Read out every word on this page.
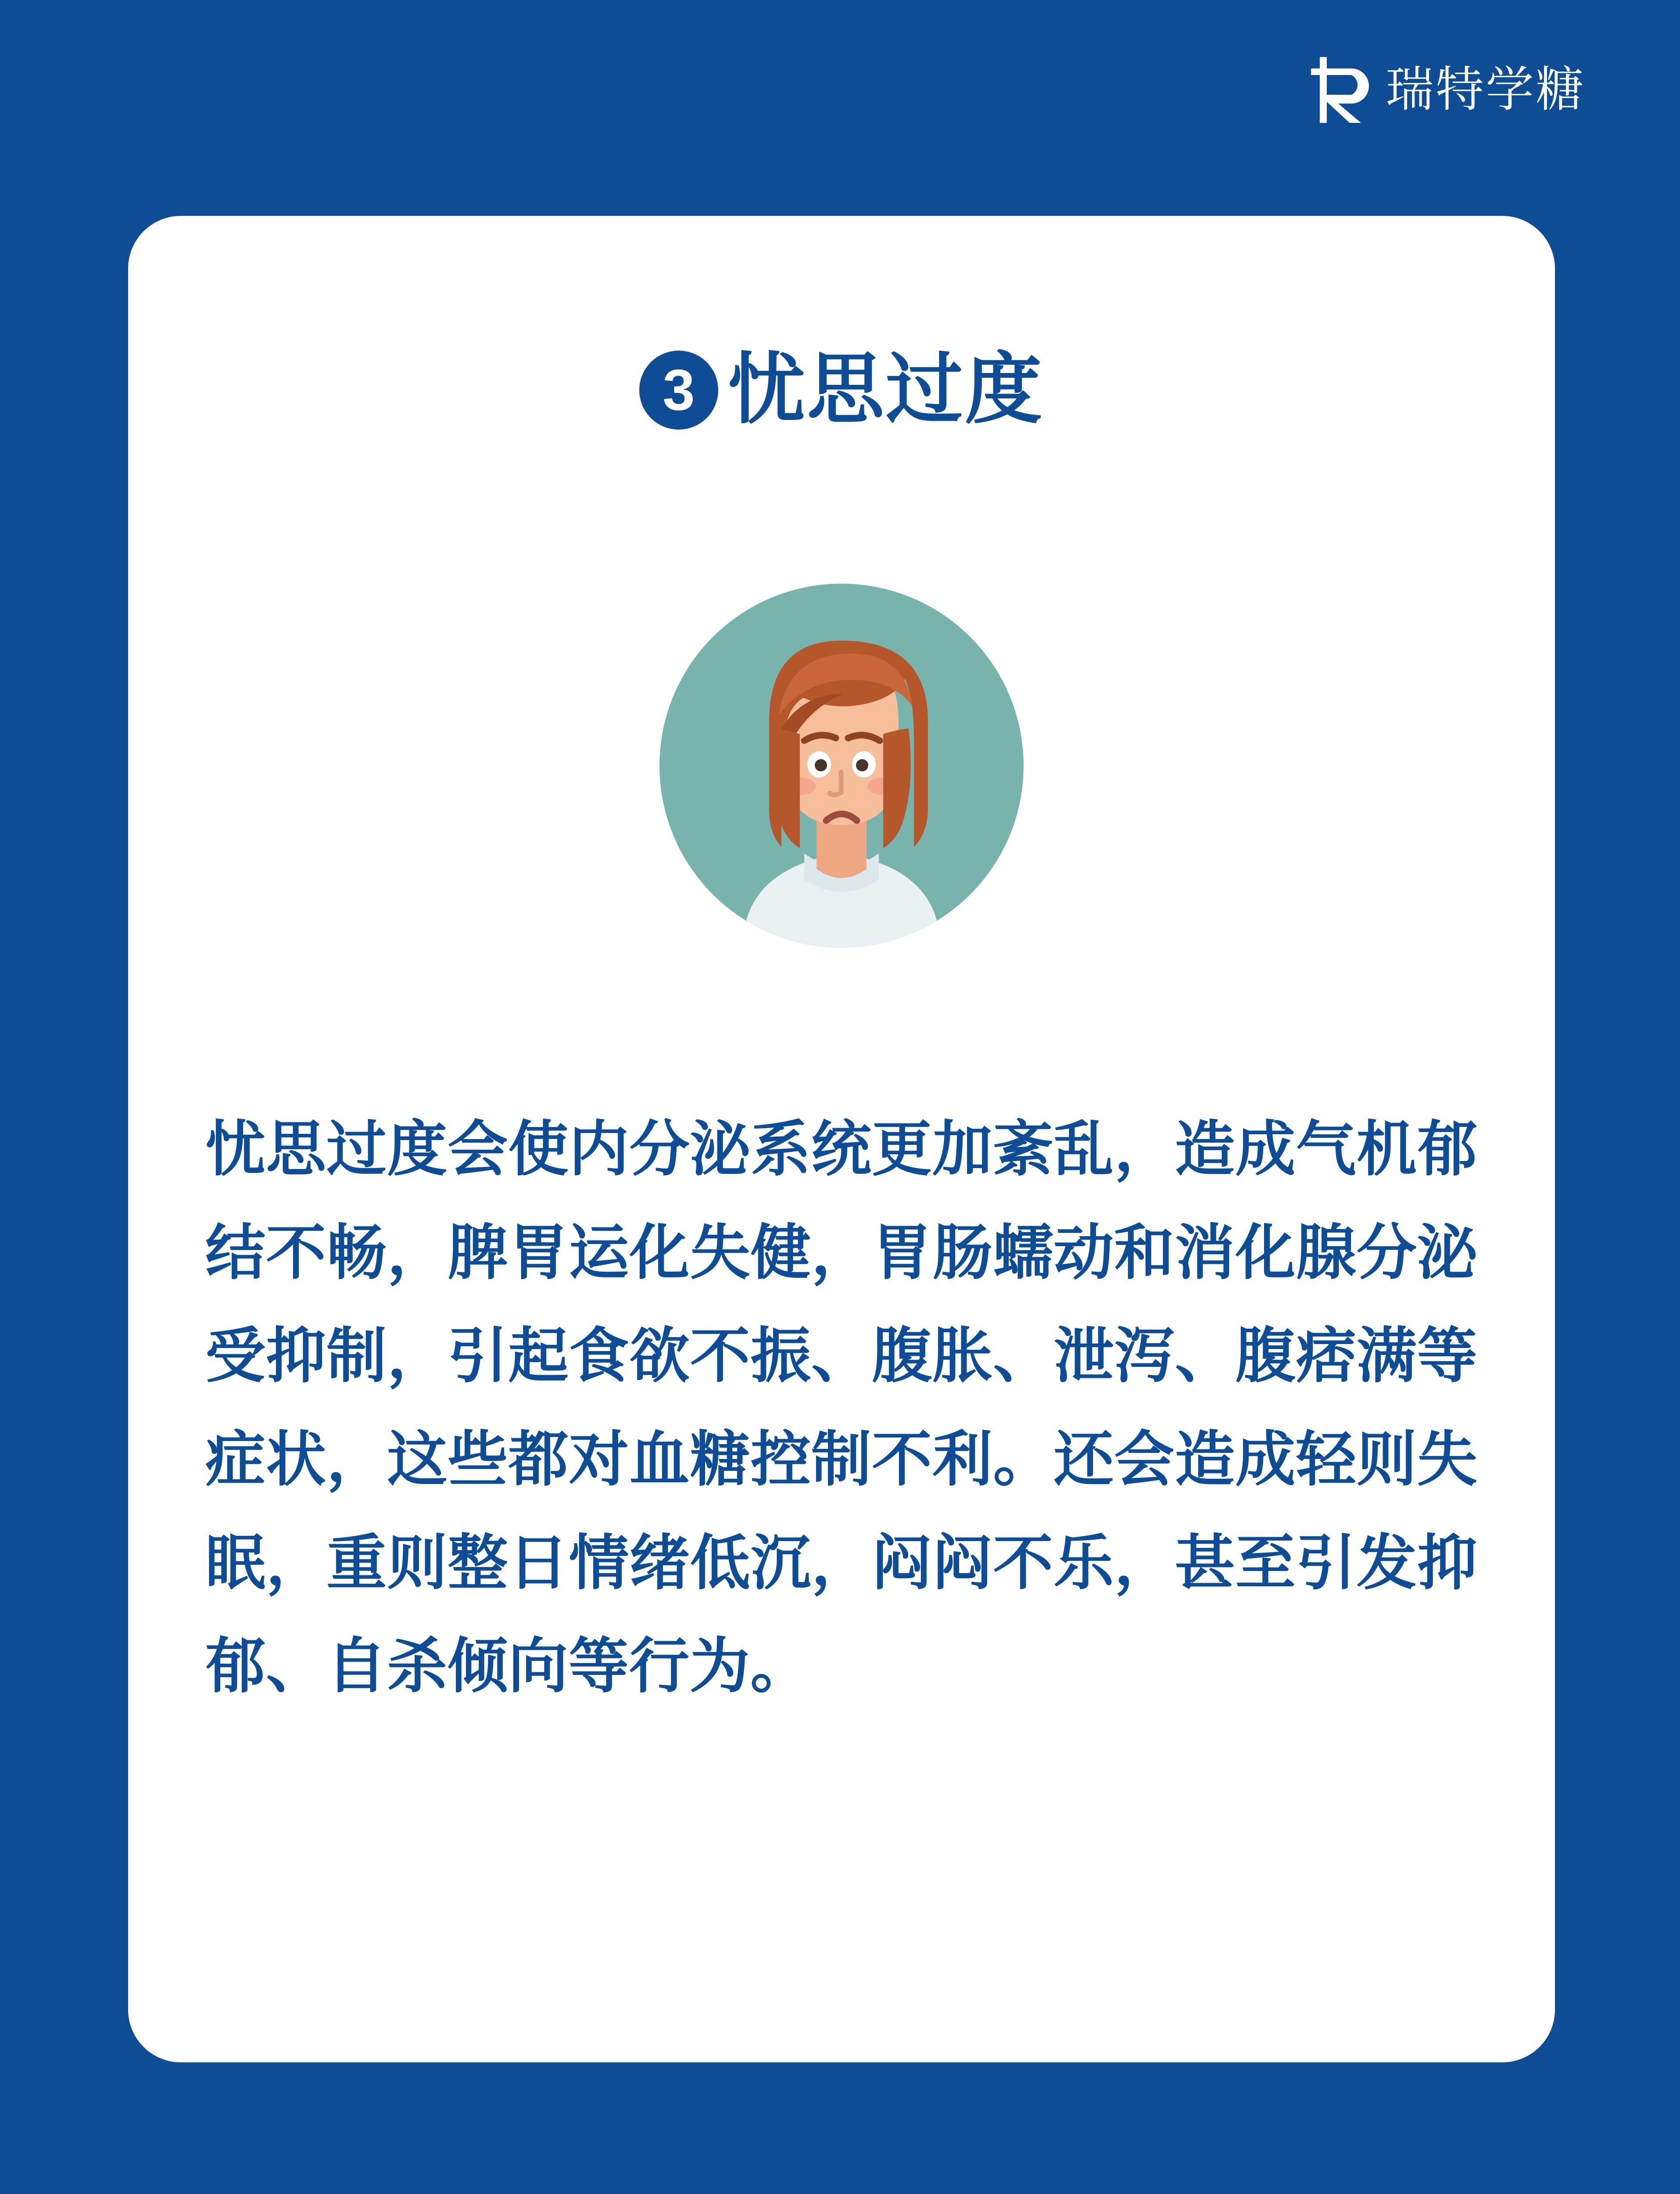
瑞特学糖
3 忧思过度
忧思过度会使内分泌系统更加紊乱，造成气机郁结不畅，脾胃运化失健，胃肠蠕动和消化腺分泌受抑制，引起食欲不振、腹胀、泄泻、腹痞满等症状，这些都对血糖控制不利。还会造成轻则失眠，重则整日情绪低沉，闷闷不乐，甚至引发抑郁、自杀倾向等行为。
